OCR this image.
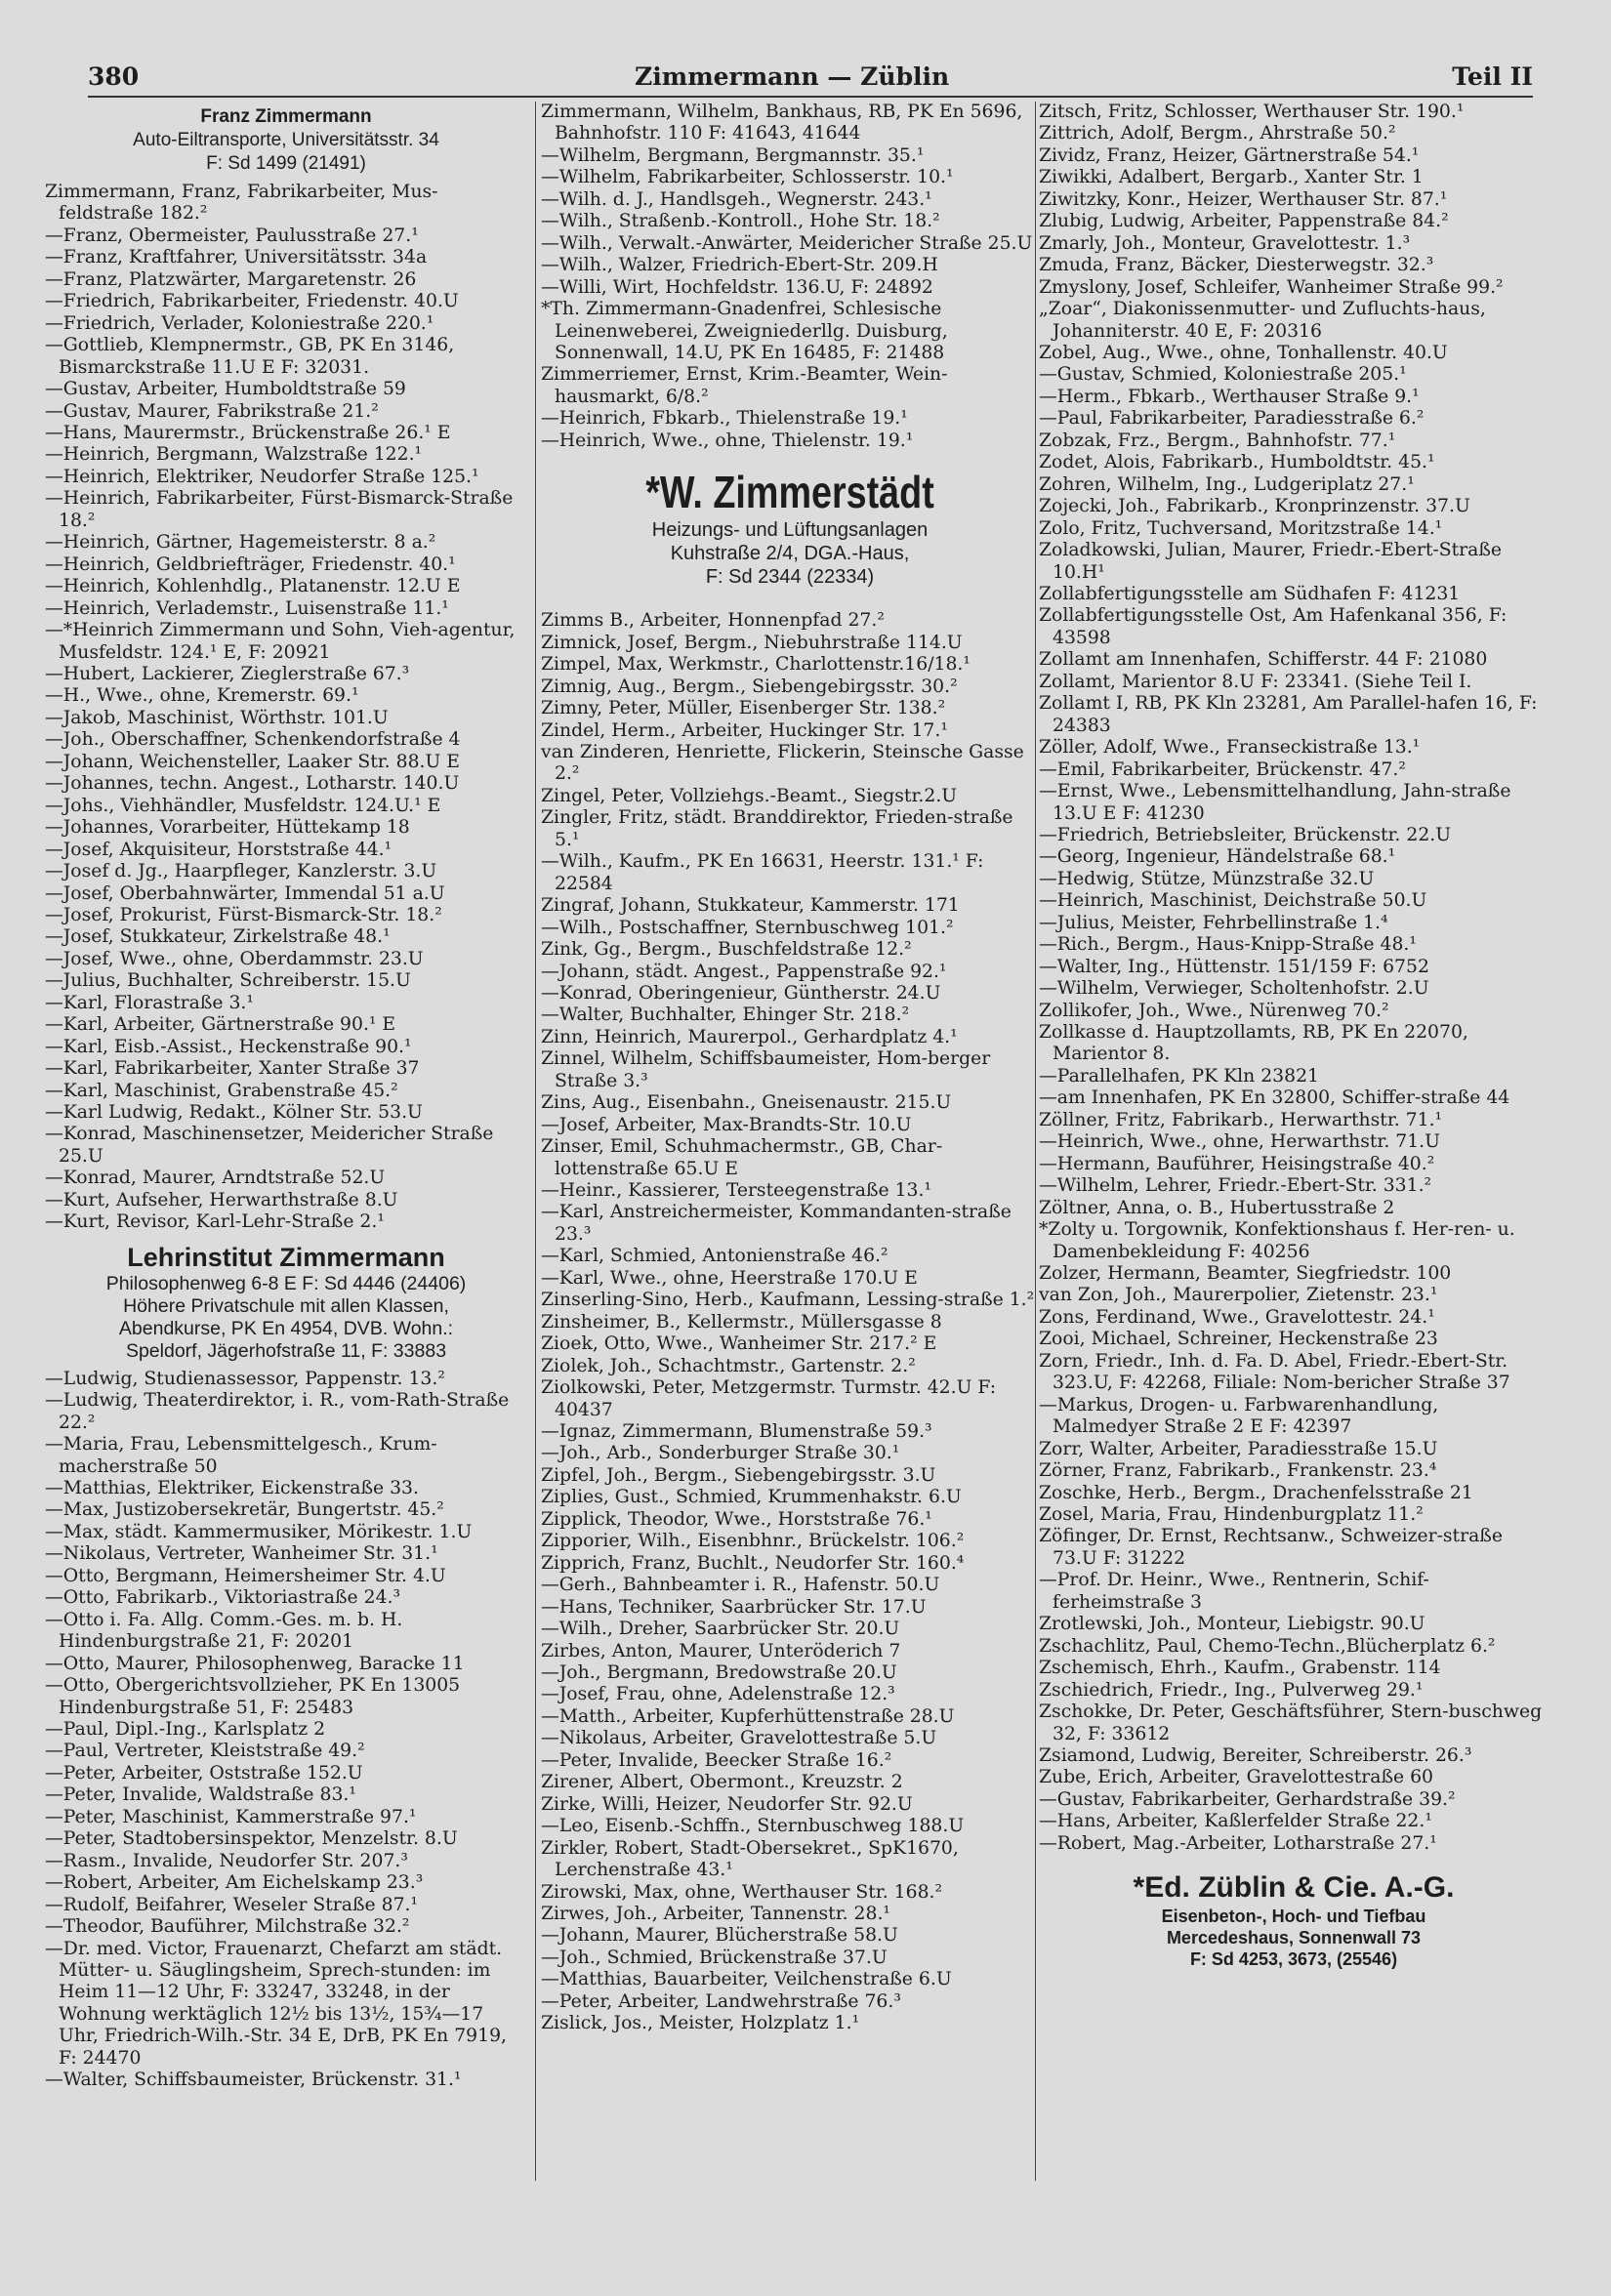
380	Zimmermann — Züblin	Teil II
Franz Zimmermann
Auto-Eiltransporte, Universitätsstr. 34
F: Sd 1499 (21491)

Zimmermann, Franz, Fabrikarbeiter, Mus-feldstraße 182.²

—Franz, Obermeister, Paulusstraße 27.¹

—Franz, Kraftfahrer, Universitätsstr. 34a

—Franz, Platzwärter, Margaretenstr. 26

—Friedrich, Fabrikarbeiter, Friedenstr. 40.U

—Friedrich, Verlader, Koloniestraße 220.¹

—Gottlieb, Klempnermstr., GB, PK En 3146, Bismarckstraße 11.U E F: 32031.

—Gustav, Arbeiter, Humboldtstraße 59

—Gustav, Maurer, Fabrikstraße 21.²

—Hans, Maurermstr., Brückenstraße 26.¹ E

—Heinrich, Bergmann, Walzstraße 122.¹

—Heinrich, Elektriker, Neudorfer Straße 125.¹

—Heinrich, Fabrikarbeiter, Fürst-Bismarck-Straße 18.²

—Heinrich, Gärtner, Hagemeisterstr. 8 a.²

—Heinrich, Geldbriefträger, Friedenstr. 40.¹

—Heinrich, Kohlenhdlg., Platanenstr. 12.U E

—Heinrich, Verlademstr., Luisenstraße 11.¹

—*Heinrich Zimmermann und Sohn, Vieh-agentur, Musfeldstr. 124.¹ E, F: 20921

—Hubert, Lackierer, Zieglerstraße 67.³

—H., Wwe., ohne, Kremerstr. 69.¹

—Jakob, Maschinist, Wörthstr. 101.U

—Joh., Oberschaffner, Schenkendorfstraße 4

—Johann, Weichensteller, Laaker Str. 88.U E

—Johannes, techn. Angest., Lotharstr. 140.U

—Johs., Viehhändler, Musfeldstr. 124.U.¹ E

—Johannes, Vorarbeiter, Hüttekamp 18

—Josef, Akquisiteur, Horststraße 44.¹

—Josef d. Jg., Haarpfleger, Kanzlerstr. 3.U

—Josef, Oberbahnwärter, Immendal 51 a.U

—Josef, Prokurist, Fürst-Bismarck-Str. 18.²

—Josef, Stukkateur, Zirkelstraße 48.¹

—Josef, Wwe., ohne, Oberdammstr. 23.U

—Julius, Buchhalter, Schreiberstr. 15.U

—Karl, Florastraße 3.¹

—Karl, Arbeiter, Gärtnerstraße 90.¹ E

—Karl, Eisb.-Assist., Heckenstraße 90.¹

—Karl, Fabrikarbeiter, Xanter Straße 37

—Karl, Maschinist, Grabenstraße 45.²

—Karl Ludwig, Redakt., Kölner Str. 53.U

—Konrad, Maschinensetzer, Meidericher Straße 25.U

—Konrad, Maurer, Arndtstraße 52.U

—Kurt, Aufseher, Herwarthstraße 8.U

—Kurt, Revisor, Karl-Lehr-Straße 2.¹

Lehrinstitut Zimmermann
Philosophenweg 6-8 E F: Sd 4446 (24406)
Höhere Privatschule mit allen Klassen,
Abendkurse, PK En 4954, DVB. Wohn.:
Speldorf, Jägerhofstraße 11, F: 33883

—Ludwig, Studienassessor, Pappenstr. 13.²

—Ludwig, Theaterdirektor, i. R., vom-Rath-Straße 22.²

—Maria, Frau, Lebensmittelgesch., Krum-macherstraße 50

—Matthias, Elektriker, Eickenstraße 33.

—Max, Justizobersekretär, Bungertstr. 45.²

—Max, städt. Kammermusiker, Mörikestr. 1.U

—Nikolaus, Vertreter, Wanheimer Str. 31.¹

—Otto, Bergmann, Heimersheimer Str. 4.U

—Otto, Fabrikarb., Viktoriastraße 24.³

—Otto i. Fa. Allg. Comm.-Ges. m. b. H. Hindenburgstraße 21, F: 20201

—Otto, Maurer, Philosophenweg, Baracke 11

—Otto, Obergerichtsvollzieher, PK En 13005 Hindenburgstraße 51, F: 25483

—Paul, Dipl.-Ing., Karlsplatz 2

—Paul, Vertreter, Kleiststraße 49.²

—Peter, Arbeiter, Oststraße 152.U

—Peter, Invalide, Waldstraße 83.¹

—Peter, Maschinist, Kammerstraße 97.¹

—Peter, Stadtobersinspektor, Menzelstr. 8.U

—Rasm., Invalide, Neudorfer Str. 207.³

—Robert, Arbeiter, Am Eichelskamp 23.³

—Rudolf, Beifahrer, Weseler Straße 87.¹

—Theodor, Bauführer, Milchstraße 32.²

—Dr. med. Victor, Frauenarzt, Chefarzt am städt. Mütter- u. Säuglingsheim, Sprech-stunden: im Heim 11—12 Uhr, F: 33247, 33248, in der Wohnung werktäglich 12½ bis 13½, 15¾—17 Uhr, Friedrich-Wilh.-Str. 34 E, DrB, PK En 7919, F: 24470

—Walter, Schiffsbaumeister, Brückenstr. 31.¹

Zimmermann, Wilhelm, Bankhaus, RB, PK En 5696, Bahnhofstr. 110 F: 41643, 41644

—Wilhelm, Bergmann, Bergmannstr. 35.¹

—Wilhelm, Fabrikarbeiter, Schlosserstr. 10.¹

—Wilh. d. J., Handlsgeh., Wegnerstr. 243.¹

—Wilh., Straßenb.-Kontroll., Hohe Str. 18.²

—Wilh., Verwalt.-Anwärter, Meidericher Straße 25.U

—Wilh., Walzer, Friedrich-Ebert-Str. 209.H

—Willi, Wirt, Hochfeldstr. 136.U, F: 24892

*Th. Zimmermann-Gnadenfrei, Schlesische Leinenweberei, Zweigniederllg. Duisburg, Sonnenwall, 14.U, PK En 16485, F: 21488

Zimmerriemer, Ernst, Krim.-Beamter, Wein-hausmarkt, 6/8.²

—Heinrich, Fbkarb., Thielenstraße 19.¹

—Heinrich, Wwe., ohne, Thielenstr. 19.¹

*W. Zimmerstädt
Heizungs- und Lüftungsanlagen
Kuhstraße 2/4, DGA.-Haus,
F: Sd 2344 (22334)

Zimms B., Arbeiter, Honnenpfad 27.²

Zimnick, Josef, Bergm., Niebuhrstraße 114.U

Zimpel, Max, Werkmstr., Charlottenstr.16/18.¹

Zimnig, Aug., Bergm., Siebengebirgsstr. 30.²

Zimny, Peter, Müller, Eisenberger Str. 138.²

Zindel, Herm., Arbeiter, Huckinger Str. 17.¹

van Zinderen, Henriette, Flickerin, Steinsche Gasse 2.²

Zingel, Peter, Vollziehgs.-Beamt., Siegstr.2.U

Zingler, Fritz, städt. Branddirektor, Frieden-straße 5.¹

—Wilh., Kaufm., PK En 16631, Heerstr. 131.¹ F: 22584

Zingraf, Johann, Stukkateur, Kammerstr. 171

—Wilh., Postschaffner, Sternbuschweg 101.²

Zink, Gg., Bergm., Buschfeldstraße 12.²

—Johann, städt. Angest., Pappenstraße 92.¹

—Konrad, Oberingenieur, Güntherstr. 24.U

—Walter, Buchhalter, Ehinger Str. 218.²

Zinn, Heinrich, Maurerpol., Gerhardplatz 4.¹

Zinnel, Wilhelm, Schiffsbaumeister, Hom-berger Straße 3.³

Zins, Aug., Eisenbahn., Gneisenaustr. 215.U

—Josef, Arbeiter, Max-Brandts-Str. 10.U

Zinser, Emil, Schuhmachermstr., GB, Char-lottenstraße 65.U E

—Heinr., Kassierer, Tersteegenstraße 13.¹

—Karl, Anstreichermeister, Kommandanten-straße 23.³

—Karl, Schmied, Antonienstraße 46.²

—Karl, Wwe., ohne, Heerstraße 170.U E

Zinserling-Sino, Herb., Kaufmann, Lessing-straße 1.²

Zinsheimer, B., Kellermstr., Müllersgasse 8

Zioek, Otto, Wwe., Wanheimer Str. 217.² E

Ziolek, Joh., Schachtmstr., Gartenstr. 2.²

Ziolkowski, Peter, Metzgermstr. Turmstr. 42.U F: 40437

—Ignaz, Zimmermann, Blumenstraße 59.³

—Joh., Arb., Sonderburger Straße 30.¹

Zipfel, Joh., Bergm., Siebengebirgsstr. 3.U

Ziplies, Gust., Schmied, Krummenhakstr. 6.U

Zipplick, Theodor, Wwe., Horststraße 76.¹

Zipporier, Wilh., Eisenbhnr., Brückelstr. 106.²

Zipprich, Franz, Buchlt., Neudorfer Str. 160.⁴

—Gerh., Bahnbeamter i. R., Hafenstr. 50.U

—Hans, Techniker, Saarbrücker Str. 17.U

—Wilh., Dreher, Saarbrücker Str. 20.U

Zirbes, Anton, Maurer, Unteröderich 7

—Joh., Bergmann, Bredowstraße 20.U

—Josef, Frau, ohne, Adelenstraße 12.³

—Matth., Arbeiter, Kupferhüttenstraße 28.U

—Nikolaus, Arbeiter, Gravelottestraße 5.U

—Peter, Invalide, Beecker Straße 16.²

Zirener, Albert, Obermont., Kreuzstr. 2

Zirke, Willi, Heizer, Neudorfer Str. 92.U

—Leo, Eisenb.-Schffn., Sternbuschweg 188.U

Zirkler, Robert, Stadt-Obersekret., SpK1670, Lerchenstraße 43.¹

Zirowski, Max, ohne, Werthauser Str. 168.²

Zirwes, Joh., Arbeiter, Tannenstr. 28.¹

—Johann, Maurer, Blücherstraße 58.U

—Joh., Schmied, Brückenstraße 37.U

—Matthias, Bauarbeiter, Veilchenstraße 6.U

—Peter, Arbeiter, Landwehrstraße 76.³

Zislick, Jos., Meister, Holzplatz 1.¹

Zitsch, Fritz, Schlosser, Werthauser Str. 190.¹

Zittrich, Adolf, Bergm., Ahrstraße 50.²

Zividz, Franz, Heizer, Gärtnerstraße 54.¹

Ziwikki, Adalbert, Bergarb., Xanter Str. 1

Ziwitzky, Konr., Heizer, Werthauser Str. 87.¹

Zlubig, Ludwig, Arbeiter, Pappenstraße 84.²

Zmarly, Joh., Monteur, Gravelottestr. 1.³

Zmuda, Franz, Bäcker, Diesterwegstr. 32.³

Zmyslony, Josef, Schleifer, Wanheimer Straße 99.²

„Zoar“, Diakonissenmutter- und Zufluchts-haus, Johanniterstr. 40 E, F: 20316

Zobel, Aug., Wwe., ohne, Tonhallenstr. 40.U

—Gustav, Schmied, Koloniestraße 205.¹

—Herm., Fbkarb., Werthauser Straße 9.¹

—Paul, Fabrikarbeiter, Paradiesstraße 6.²

Zobzak, Frz., Bergm., Bahnhofstr. 77.¹

Zodet, Alois, Fabrikarb., Humboldtstr. 45.¹

Zohren, Wilhelm, Ing., Ludgeriplatz 27.¹

Zojecki, Joh., Fabrikarb., Kronprinzenstr. 37.U

Zolo, Fritz, Tuchversand, Moritzstraße 14.¹

Zoladkowski, Julian, Maurer, Friedr.-Ebert-Straße 10.H¹

Zollabfertigungsstelle am Südhafen F: 41231

Zollabfertigungsstelle Ost, Am Hafenkanal 356, F: 43598

Zollamt am Innenhafen, Schifferstr. 44 F: 21080

Zollamt, Marientor 8.U F: 23341. (Siehe Teil I.

Zollamt I, RB, PK Kln 23281, Am Parallel-hafen 16, F: 24383

Zöller, Adolf, Wwe., Franseckistraße 13.¹

—Emil, Fabrikarbeiter, Brückenstr. 47.²

—Ernst, Wwe., Lebensmittelhandlung, Jahn-straße 13.U E F: 41230

—Friedrich, Betriebsleiter, Brückenstr. 22.U

—Georg, Ingenieur, Händelstraße 68.¹

—Hedwig, Stütze, Münzstraße 32.U

—Heinrich, Maschinist, Deichstraße 50.U

—Julius, Meister, Fehrbellinstraße 1.⁴

—Rich., Bergm., Haus-Knipp-Straße 48.¹

—Walter, Ing., Hüttenstr. 151/159 F: 6752

—Wilhelm, Verwieger, Scholtenhofstr. 2.U

Zollikofer, Joh., Wwe., Nürenweg 70.²

Zollkasse d. Hauptzollamts, RB, PK En 22070, Marientor 8.

—Parallelhafen, PK Kln 23821

—am Innenhafen, PK En 32800, Schiffer-straße 44

Zöllner, Fritz, Fabrikarb., Herwarthstr. 71.¹

—Heinrich, Wwe., ohne, Herwarthstr. 71.U

—Hermann, Bauführer, Heisingstraße 40.²

—Wilhelm, Lehrer, Friedr.-Ebert-Str. 331.²

Zöltner, Anna, o. B., Hubertusstraße 2

*Zolty u. Torgownik, Konfektionshaus f. Her-ren- u. Damenbekleidung F: 40256

Zolzer, Hermann, Beamter, Siegfriedstr. 100

van Zon, Joh., Maurerpolier, Zietenstr. 23.¹

Zons, Ferdinand, Wwe., Gravelottestr. 24.¹

Zooi, Michael, Schreiner, Heckenstraße 23

Zorn, Friedr., Inh. d. Fa. D. Abel, Friedr.-Ebert-Str. 323.U, F: 42268, Filiale: Nom-bericher Straße 37

—Markus, Drogen- u. Farbwarenhandlung, Malmedyer Straße 2 E F: 42397

Zorr, Walter, Arbeiter, Paradiesstraße 15.U

Zörner, Franz, Fabrikarb., Frankenstr. 23.⁴

Zoschke, Herb., Bergm., Drachenfelsstraße 21

Zosel, Maria, Frau, Hindenburgplatz 11.²

Zöfinger, Dr. Ernst, Rechtsanw., Schweizer-straße 73.U F: 31222

—Prof. Dr. Heinr., Wwe., Rentnerin, Schif-ferheimstraße 3

Zrotlewski, Joh., Monteur, Liebigstr. 90.U

Zschachlitz, Paul, Chemo-Techn.,Blücherplatz 6.²

Zschemisch, Ehrh., Kaufm., Grabenstr. 114

Zschiedrich, Friedr., Ing., Pulverweg 29.¹

Zschokke, Dr. Peter, Geschäftsführer, Stern-buschweg 32, F: 33612

Zsiamond, Ludwig, Bereiter, Schreiberstr. 26.³

Zube, Erich, Arbeiter, Gravelottestraße 60

—Gustav, Fabrikarbeiter, Gerhardstraße 39.²

—Hans, Arbeiter, Kaßlerfelder Straße 22.¹

—Robert, Mag.-Arbeiter, Lotharstraße 27.¹

*Ed. Züblin & Cie. A.-G.
Eisenbeton-, Hoch- und Tiefbau
Mercedeshaus, Sonnenwall 73
F: Sd 4253, 3673, (25546)
